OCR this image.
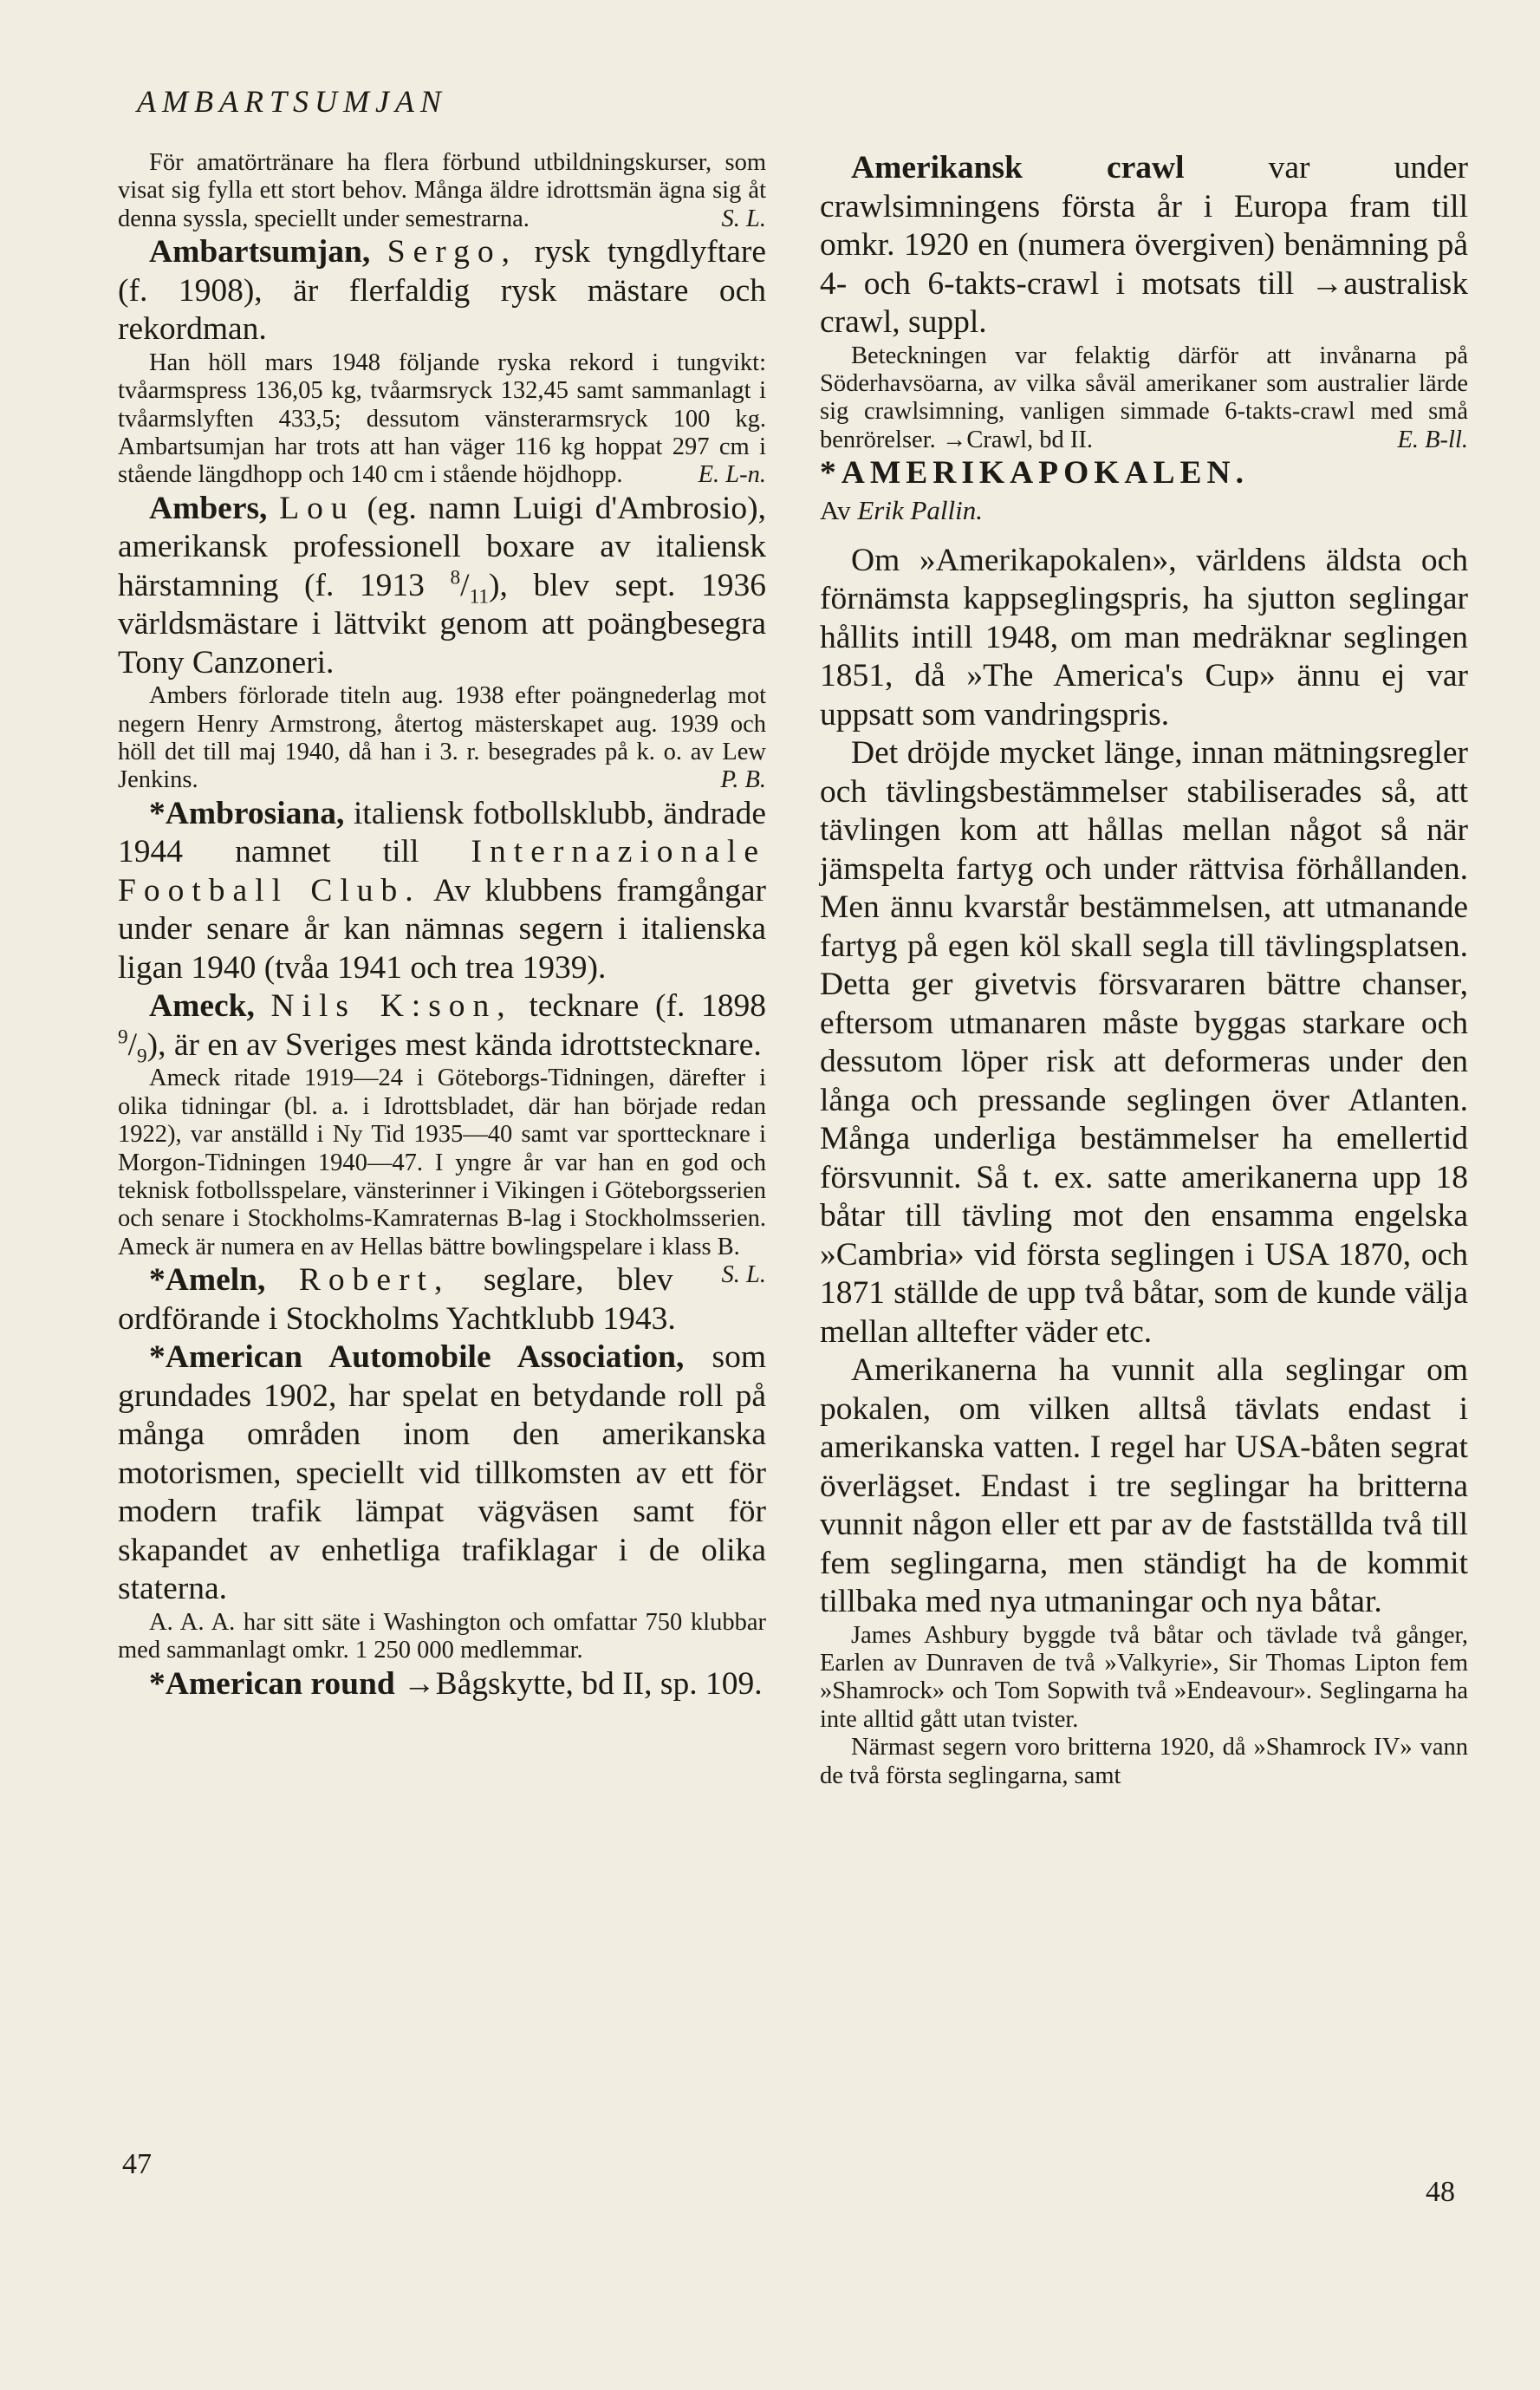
AMBARTSUMJAN

För amatörtränare ha flera förbund utbildningskurser, som visat sig fylla ett stort behov. Många äldre idrottsmän ägna sig åt denna syssla, speciellt under semestrarna.	S. L.

Ambartsumjan, Sergo, rysk tyngdlyftare (f. 1908), är flerfaldig rysk mästare och rekordman.

Han höll mars 1948 följande ryska rekord i tungvikt: tvåarmspress 136,05 kg, tvåarmsryck 132,45 samt sammanlagt i tvåarmslyften 433,5; dessutom vänsterarmsryck 100 kg. Ambartsumjan har trots att han väger 116 kg hoppat 297 cm i stående längdhopp och 140 cm i stående höjdhopp.	E. L-n.

Ambers, Lou (eg. namn Luigi d'Ambrosio), amerikansk professionell boxare av italiensk härstamning (f. 1913 $^8/_{11}$), blev sept. 1936 världsmästare i lättvikt genom att poängbesegra Tony Canzoneri.

Ambers förlorade titeln aug. 1938 efter poängnederlag mot negern Henry Armstrong, återtog mästerskapet aug. 1939 och höll det till maj 1940, då han i 3. r. besegrades på k. o. av Lew Jenkins.	P. B.

*Ambrosiana, italiensk fotbollsklubb, ändrade 1944 namnet till Internazionale Football Club. Av klubbens framgångar under senare år kan nämnas segern i italienska ligan 1940 (tvåa 1941 och trea 1939).

Ameck, Nils K:son, tecknare (f. 1898 $^9/_9$), är en av Sveriges mest kända idrottstecknare.

Ameck ritade 1919—24 i Göteborgs-Tidningen, därefter i olika tidningar (bl. a. i Idrottsbladet, där han började redan 1922), var anställd i Ny Tid 1935—40 samt var sporttecknare i Morgon-Tidningen 1940—47. I yngre år var han en god och teknisk fotbollsspelare, vänsterinner i Vikingen i Göteborgsserien och senare i Stockholms-Kamraternas B-lag i Stockholmsserien. Ameck är numera en av Hellas bättre bowlingspelare i klass B.
S. L.

*Ameln, Robert, seglare, blev ordförande i Stockholms Yachtklubb 1943.

*American Automobile Association, som grundades 1902, har spelat en betydande roll på många områden inom den amerikanska motorismen, speciellt vid tillkomsten av ett för modern trafik lämpat vägväsen samt för skapandet av enhetliga trafiklagar i de olika staterna.

A. A. A. har sitt säte i Washington och omfattar 750 klubbar med sammanlagt omkr. 1 250 000 medlemmar.

*American round →Bågskytte, bd II, sp. 109.

Amerikansk crawl	var under crawlsimningens första år i Europa fram till omkr. 1920 en (numera övergiven) benämning på 4- och 6-takts-crawl i motsats till →australisk crawl, suppl.

Beteckningen var felaktig därför att invånarna på Söderhavsöarna, av vilka såväl amerikaner som australier lärde sig crawlsimning, vanligen simmade 6-takts-crawl med små benrörelser. →Crawl, bd II.	E. B-ll.

*AMERIKAPOKALEN.

Av Erik Pallin.

Om »Amerikapokalen», världens äldsta och förnämsta kappseglingspris, ha sjutton seglingar hållits intill 1948, om man medräknar seglingen 1851, då »The America's Cup» ännu ej var uppsatt som vandringspris.

Det dröjde mycket länge, innan mätningsregler och tävlingsbestämmelser stabiliserades så, att tävlingen kom att hållas mellan något så när jämspelta fartyg och under rättvisa förhållanden. Men ännu kvarstår bestämmelsen, att utmanande fartyg på egen köl skall segla till tävlingsplatsen. Detta ger givetvis försvararen bättre chanser, eftersom utmanaren måste byggas starkare och dessutom löper risk att deformeras under den långa och pressande seglingen över Atlanten. Många underliga bestämmelser ha emellertid försvunnit. Så t. ex. satte amerikanerna upp 18 båtar till tävling mot den ensamma engelska »Cambria» vid första seglingen i USA 1870, och 1871 ställde de upp två båtar, som de kunde välja mellan alltefter väder etc.

Amerikanerna ha vunnit alla seglingar om pokalen, om vilken alltså tävlats endast i amerikanska vatten. I regel har USA-båten segrat överlägset. Endast i tre seglingar ha britterna vunnit någon eller ett par av de fastställda två till fem seglingarna, men ständigt ha de kommit tillbaka med nya utmaningar och nya båtar.

James Ashbury byggde två båtar och tävlade två gånger, Earlen av Dunraven de två »Valkyrie», Sir Thomas Lipton fem »Shamrock» och Tom Sopwith två »Endeavour». Seglingarna ha inte alltid gått utan tvister.

Närmast segern voro britterna 1920, då »Shamrock IV» vann de två första seglingarna, samt

47
48
